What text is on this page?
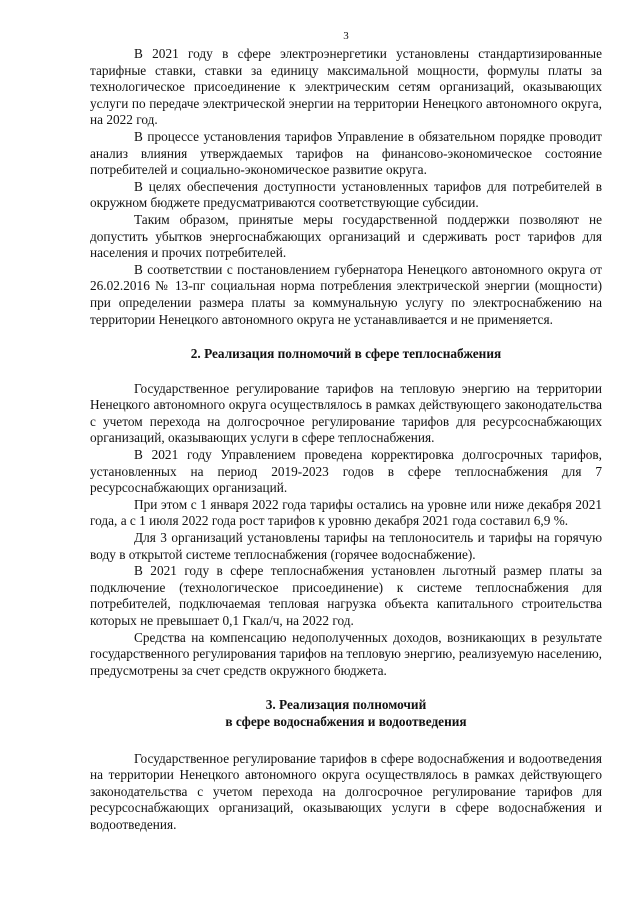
3

В 2021 году в сфере электроэнергетики установлены стандартизированные тарифные ставки, ставки за единицу максимальной мощности, формулы платы за технологическое присоединение к электрическим сетям организаций, оказывающих услуги по передаче электрической энергии на территории Ненецкого автономного округа, на 2022 год.

В процессе установления тарифов Управление в обязательном порядке проводит анализ влияния утверждаемых тарифов на финансово-экономическое состояние потребителей и социально-экономическое развитие округа.

В целях обеспечения доступности установленных тарифов для потребителей в окружном бюджете предусматриваются соответствующие субсидии.

Таким образом, принятые меры государственной поддержки позволяют не допустить убытков энергоснабжающих организаций и сдерживать рост тарифов для населения и прочих потребителей.

В соответствии с постановлением губернатора Ненецкого автономного округа от 26.02.2016 № 13-пг социальная норма потребления электрической энергии (мощности) при определении размера платы за коммунальную услугу по электроснабжению на территории Ненецкого автономного округа не устанавливается и не применяется.

2. Реализация полномочий в сфере теплоснабжения

Государственное регулирование тарифов на тепловую энергию на территории Ненецкого автономного округа осуществлялось в рамках действующего законодательства с учетом перехода на долгосрочное регулирование тарифов для ресурсоснабжающих организаций, оказывающих услуги в сфере теплоснабжения.

В 2021 году Управлением проведена корректировка долгосрочных тарифов, установленных на период 2019-2023 годов в сфере теплоснабжения для 7 ресурсоснабжающих организаций.

При этом с 1 января 2022 года тарифы остались на уровне или ниже декабря 2021 года, а с 1 июля 2022 года рост тарифов к уровню декабря 2021 года составил 6,9 %.

Для 3 организаций установлены тарифы на теплоноситель и тарифы на горячую воду в открытой системе теплоснабжения (горячее водоснабжение).

В 2021 году в сфере теплоснабжения установлен льготный размер платы за подключение (технологическое присоединение) к системе теплоснабжения для потребителей, подключаемая тепловая нагрузка объекта капитального строительства которых не превышает 0,1 Гкал/ч, на 2022 год.

Средства на компенсацию недополученных доходов, возникающих в результате государственного регулирования тарифов на тепловую энергию, реализуемую населению, предусмотрены за счет средств окружного бюджета.

3. Реализация полномочий
в сфере водоснабжения и водоотведения

Государственное регулирование тарифов в сфере водоснабжения и водоотведения на территории Ненецкого автономного округа осуществлялось в рамках действующего законодательства с учетом перехода на долгосрочное регулирование тарифов для ресурсоснабжающих организаций, оказывающих услуги в сфере водоснабжения и водоотведения.
